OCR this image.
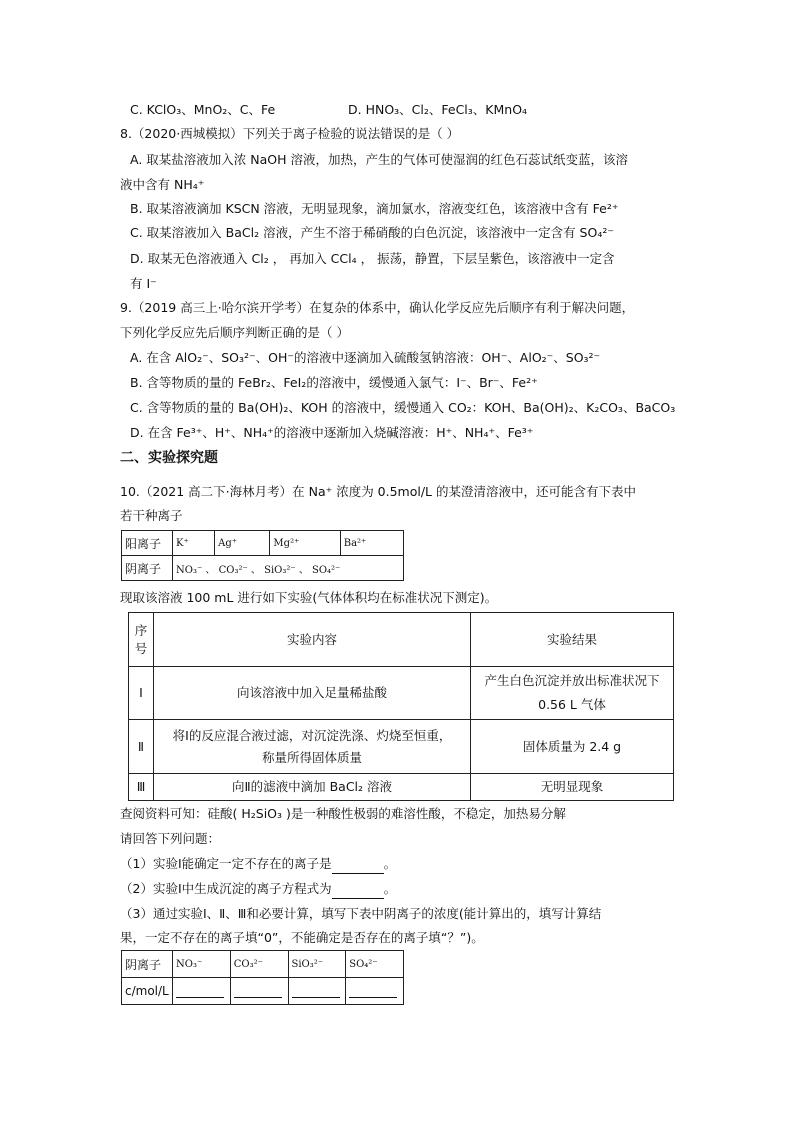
C. KClO₃、MnO₂、C、Fe	D. HNO₃、Cl₂、FeCl₃、KMnO₄
8.（2020·西城模拟）下列关于离子检验的说法错误的是（ ）
A. 取某盐溶液加入浓 NaOH 溶液，加热，产生的气体可使湿润的红色石蕊试纸变蓝，该溶
液中含有 NH₄⁺
B. 取某溶液滴加 KSCN 溶液，无明显现象，滴加氯水，溶液变红色，该溶液中含有 Fe²⁺
C. 取某溶液加入 BaCl₂ 溶液，产生不溶于稀硝酸的白色沉淀，该溶液中一定含有 SO₄²⁻
D. 取某无色溶液通入 Cl₂ ， 再加入 CCl₄ ， 振荡，静置，下层呈紫色，该溶液中一定含
有 I⁻
9.（2019 高三上·哈尔滨开学考）在复杂的体系中，确认化学反应先后顺序有利于解决问题，
下列化学反应先后顺序判断正确的是（ ）
A. 在含 AlO₂⁻、SO₃²⁻、OH⁻的溶液中逐滴加入硫酸氢钠溶液：OH⁻、AlO₂⁻、SO₃²⁻
B. 含等物质的量的 FeBr₂、FeI₂的溶液中，缓慢通入氯气：I⁻、Br⁻、Fe²⁺
C. 含等物质的量的 Ba(OH)₂、KOH 的溶液中，缓慢通入 CO₂：KOH、Ba(OH)₂、K₂CO₃、BaCO₃
D. 在含 Fe³⁺、H⁺、NH₄⁺的溶液中逐渐加入烧碱溶液：H⁺、NH₄⁺、Fe³⁺
二、实验探究题
10.（2021 高二下·海林月考）在 Na⁺ 浓度为 0.5mol/L 的某澄清溶液中，还可能含有下表中
若干种离子
阳离子	K⁺	Ag⁺	Mg²⁺	Ba²⁺
阴离子	NO₃⁻ 、 CO₃²⁻ 、 SiO₃²⁻ 、 SO₄²⁻			
现取该溶液 100 mL 进行如下实验(气体体积均在标准状况下测定)。
序
号	实验内容	实验结果
Ⅰ	向该溶液中加入足量稀盐酸	产生白色沉淀并放出标准状况下
0.56 L 气体
Ⅱ	将Ⅰ的反应混合液过滤，对沉淀洗涤、灼烧至恒重，
称量所得固体质量	固体质量为 2.4 g
Ⅲ	向Ⅱ的滤液中滴加 BaCl₂ 溶液	无明显现象
查阅资料可知：硅酸( H₂SiO₃ )是一种酸性极弱的难溶性酸，不稳定，加热易分解
请回答下列问题：
（1）实验Ⅰ能确定一定不存在的离子是	。
（2）实验Ⅰ中生成沉淀的离子方程式为	。
（3）通过实验Ⅰ、Ⅱ、Ⅲ和必要计算，填写下表中阴离子的浓度(能计算出的，填写计算结
果，一定不存在的离子填“0”，不能确定是否存在的离子填“？”)。
阴离子	NO₃⁻	CO₃²⁻	SiO₃²⁻	SO₄²⁻
c/mol/L				
